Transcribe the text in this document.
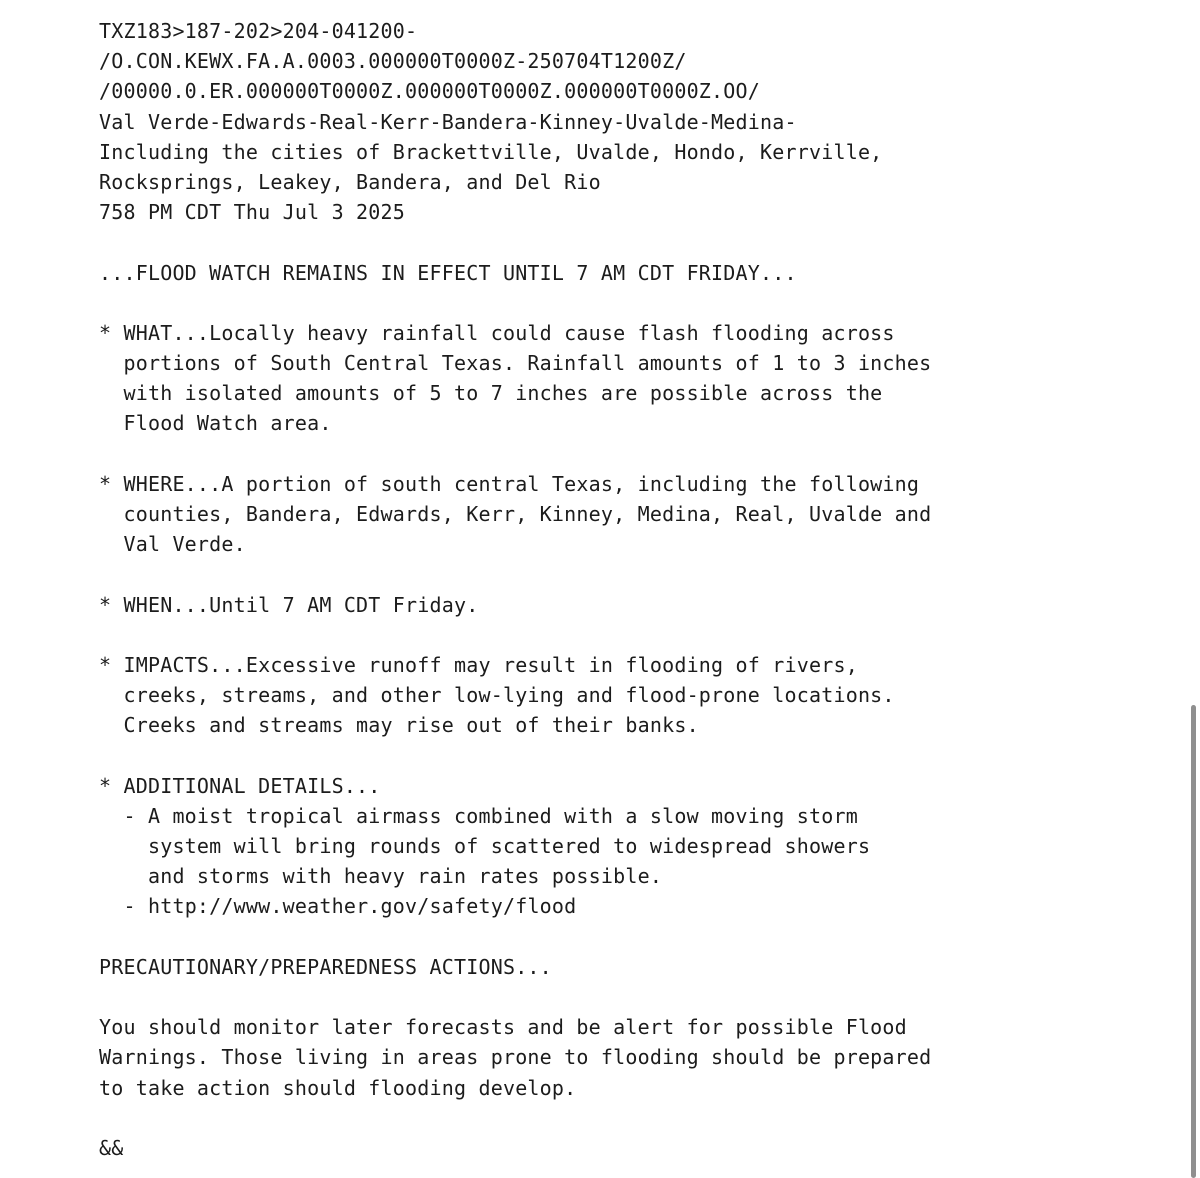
TXZ183>187-202>204-041200-
/O.CON.KEWX.FA.A.0003.000000T0000Z-250704T1200Z/
/00000.0.ER.000000T0000Z.000000T0000Z.000000T0000Z.OO/
Val Verde-Edwards-Real-Kerr-Bandera-Kinney-Uvalde-Medina-
Including the cities of Brackettville, Uvalde, Hondo, Kerrville,
Rocksprings, Leakey, Bandera, and Del Rio
758 PM CDT Thu Jul 3 2025
...FLOOD WATCH REMAINS IN EFFECT UNTIL 7 AM CDT FRIDAY...
* WHAT...Locally heavy rainfall could cause flash flooding across
portions of South Central Texas. Rainfall amounts of 1 to 3 inches
with isolated amounts of 5 to 7 inches are possible across the
Flood Watch area.
* WHERE...A portion of south central Texas, including the following
counties, Bandera, Edwards, Kerr, Kinney, Medina, Real, Uvalde and
Val Verde.
* WHEN...Until 7 AM CDT Friday.
* IMPACTS...Excessive runoff may result in flooding of rivers,
creeks, streams, and other low-lying and flood-prone locations.
Creeks and streams may rise out of their banks.
* ADDITIONAL DETAILS...
- A moist tropical airmass combined with a slow moving storm
system will bring rounds of scattered to widespread showers
and storms with heavy rain rates possible.
- http://www.weather.gov/safety/flood
PRECAUTIONARY/PREPAREDNESS ACTIONS...
You should monitor later forecasts and be alert for possible Flood
Warnings. Those living in areas prone to flooding should be prepared
to take action should flooding develop.
&&
